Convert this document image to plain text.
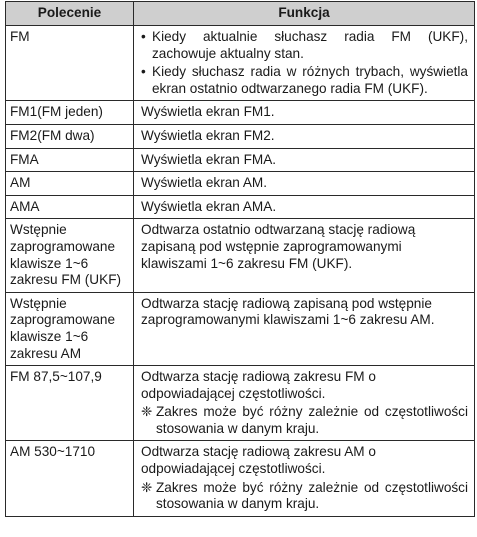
Polecenie	Funkcja
FM	• Kiedy aktualnie słuchasz radia FM (UKF), zachowuje aktualny stan.
• Kiedy słuchasz radia w różnych trybach, wyświetla ekran ostatnio odtwarzanego radia FM (UKF).

FM1(FM jeden)	Wyświetla ekran FM1.
FM2(FM dwa)	Wyświetla ekran FM2.
FMA	Wyświetla ekran FMA.
AM	Wyświetla ekran AM.
AMA	Wyświetla ekran AMA.
Wstępnie zaprogramowane klawisze 1~6 zakresu FM (UKF)	Odtwarza ostatnio odtwarzaną stację radiową zapisaną pod wstępnie zaprogramowanymi klawiszami 1~6 zakresu FM (UKF).
Wstępnie zaprogramowane klawisze 1~6 zakresu AM	Odtwarza stację radiową zapisaną pod wstępnie zaprogramowanymi klawiszami 1~6 zakresu AM.
FM 87,5~107,9	Odtwarza stację radiową zakresu FM o odpowiadającej częstotliwości.
❈ Zakres może być różny zależnie od częstotliwości stosowania w danym kraju.

AM 530~1710	Odtwarza stację radiową zakresu AM o odpowiadającej częstotliwości.
❈ Zakres może być różny zależnie od częstotliwości stosowania w danym kraju.
